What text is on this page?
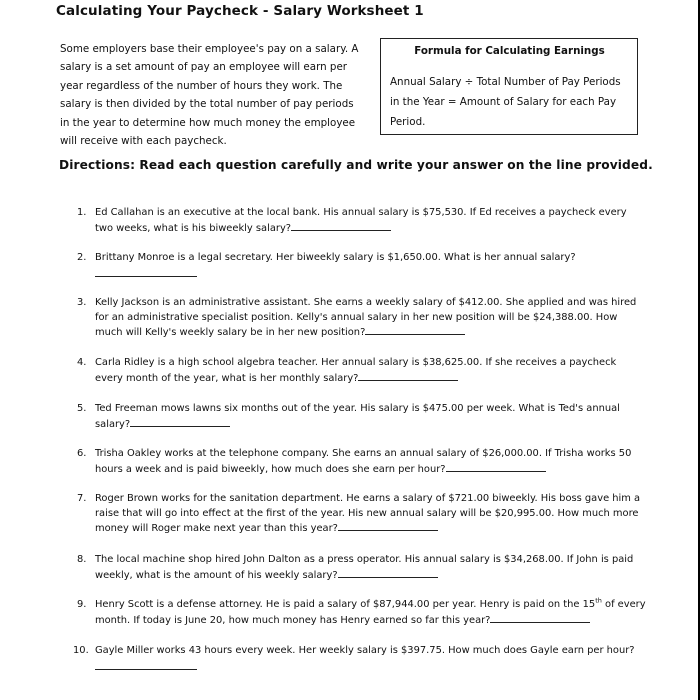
Calculating Your Paycheck - Salary Worksheet 1
Some employers base their employee's pay on a salary. A salary is a set amount of pay an employee will earn per year regardless of the number of hours they work. The salary is then divided by the total number of pay periods in the year to determine how much money the employee will receive with each paycheck.
Formula for Calculating Earnings
Annual Salary ÷ Total Number of Pay Periods in the Year = Amount of Salary for each Pay Period.
Directions: Read each question carefully and write your answer on the line provided.
1. Ed Callahan is an executive at the local bank. His annual salary is $75,530. If Ed receives a paycheck every two weeks, what is his biweekly salary?
2. Brittany Monroe is a legal secretary. Her biweekly salary is $1,650.00. What is her annual salary?
3. Kelly Jackson is an administrative assistant. She earns a weekly salary of $412.00. She applied and was hired for an administrative specialist position. Kelly's annual salary in her new position will be $24,388.00. How much will Kelly's weekly salary be in her new position?
4. Carla Ridley is a high school algebra teacher. Her annual salary is $38,625.00. If she receives a paycheck every month of the year, what is her monthly salary?
5. Ted Freeman mows lawns six months out of the year. His salary is $475.00 per week. What is Ted's annual salary?
6. Trisha Oakley works at the telephone company. She earns an annual salary of $26,000.00. If Trisha works 50 hours a week and is paid biweekly, how much does she earn per hour?
7. Roger Brown works for the sanitation department. He earns a salary of $721.00 biweekly. His boss gave him a raise that will go into effect at the first of the year. His new annual salary will be $20,995.00. How much more money will Roger make next year than this year?
8. The local machine shop hired John Dalton as a press operator. His annual salary is $34,268.00. If John is paid weekly, what is the amount of his weekly salary?
9. Henry Scott is a defense attorney. He is paid a salary of $87,944.00 per year. Henry is paid on the 15th of every month. If today is June 20, how much money has Henry earned so far this year?
10. Gayle Miller works 43 hours every week. Her weekly salary is $397.75. How much does Gayle earn per hour?
